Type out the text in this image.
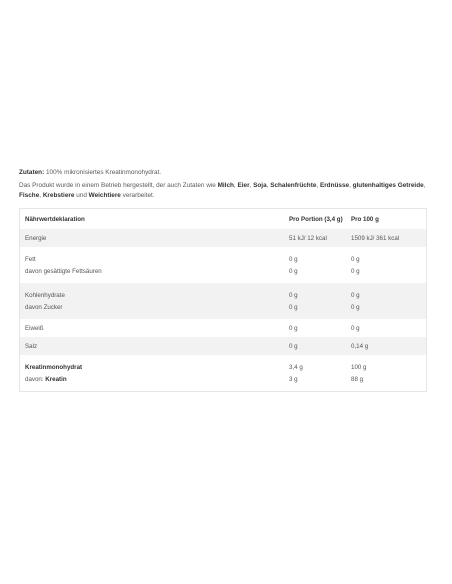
Zutaten: 100% mikronisiertes Kreatinmonohydrat.

Das Produkt wurde in einem Betrieb hergestellt, der auch Zutaten wie Milch, Eier, Soja, Schalenfrüchte, Erdnüsse, glutenhaltiges Getreide, Fische, Krebstiere und Weichtiere verarbeitet.

Nährwertdeklaration	Pro Portion (3,4 g)	Pro 100 g
Energie	51 kJ/ 12 kcal	1509 kJ/ 361 kcal
Fett	0 g	0 g
davon gesättigte Fettsäuren	0 g	0 g
Kohlenhydrate	0 g	0 g
davon Zucker	0 g	0 g
Eiweiß	0 g	0 g
Salz	0 g	0,14 g
Kreatinmonohydrat	3,4 g	100 g
davon: Kreatin	3 g	88 g
